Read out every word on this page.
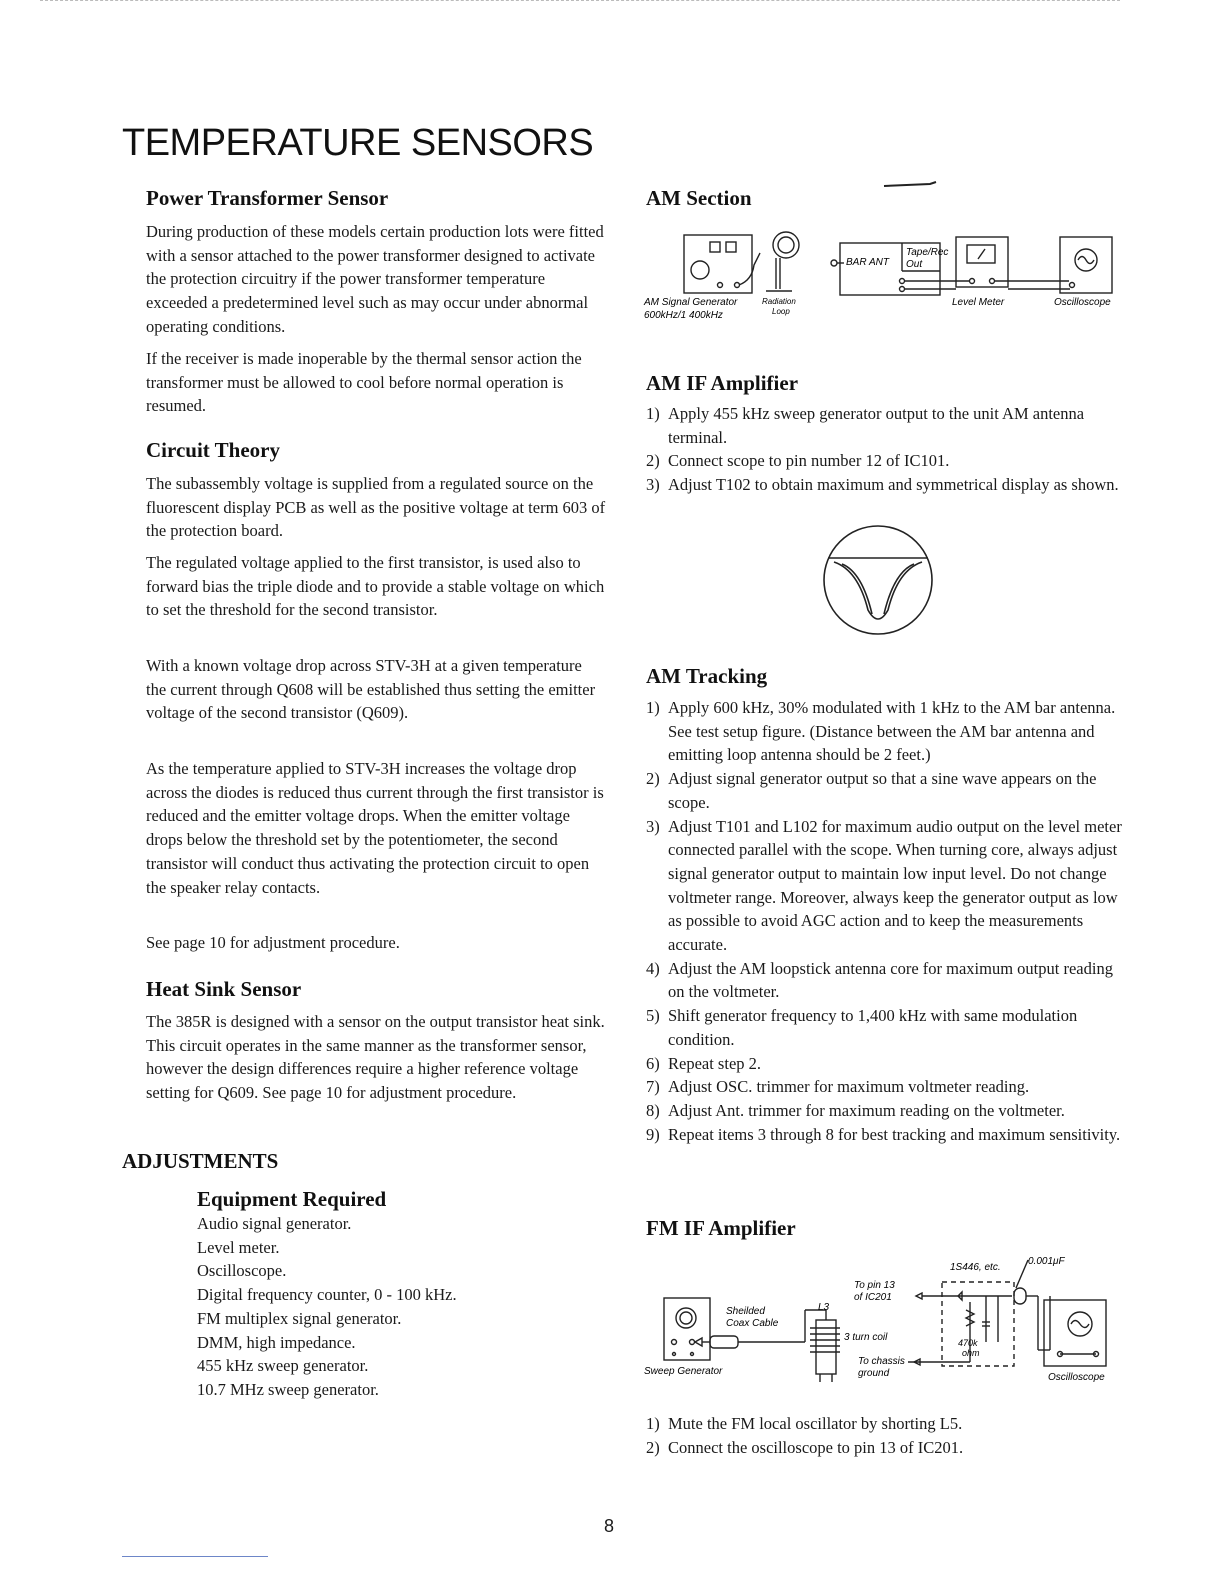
TEMPERATURE SENSORS
Power Transformer Sensor

During production of these models certain production lots were fitted with a sensor attached to the power transformer designed to activate the protection circuitry if the power transformer temperature exceeded a predetermined level such as may occur under abnormal operating conditions.

If the receiver is made inoperable by the thermal sensor action the transformer must be allowed to cool before normal operation is resumed.

Circuit Theory

The subassembly voltage is supplied from a regulated source on the fluorescent display PCB as well as the positive voltage at term 603 of the protection board.

The regulated voltage applied to the first transistor, is used also to forward bias the triple diode and to provide a stable voltage on which to set the threshold for the second transistor.

With a known voltage drop across STV-3H at a given temperature the current through Q608 will be established thus setting the emitter voltage of the second transistor (Q609).

As the temperature applied to STV-3H increases the voltage drop across the diodes is reduced thus current through the first transistor is reduced and the emitter voltage drops. When the emitter voltage drops below the threshold set by the potentiometer, the second transistor will conduct thus activating the protection circuit to open the speaker relay contacts.

See page 10 for adjustment procedure.

Heat Sink Sensor

The 385R is designed with a sensor on the output transistor heat sink. This circuit operates in the same manner as the transformer sensor, however the design differences require a higher reference voltage setting for Q609. See page 10 for adjustment procedure.

ADJUSTMENTS
Equipment Required
Audio signal generator.
Level meter.
Oscilloscope.
Digital frequency counter, 0 - 100 kHz.
FM multiplex signal generator.
DMM, high impedance.
455 kHz sweep generator.
10.7 MHz sweep generator.
AM Section
BAR ANT
Tape/Rec
Out
AM Signal Generator
600kHz/1 400kHz
Radiation
Loop
Level Meter	Oscilloscope
AM IF Amplifier
1) Apply 455 kHz sweep generator output to the unit AM antenna terminal.
2) Connect scope to pin number 12 of IC101.
3) Adjust T102 to obtain maximum and symmetrical display as shown.
AM Tracking
1) Apply 600 kHz, 30% modulated with 1 kHz to the AM bar antenna. See test setup figure. (Distance between the AM bar antenna and emitting loop antenna should be 2 feet.)
2) Adjust signal generator output so that a sine wave appears on the scope.
3) Adjust T101 and L102 for maximum audio output on the level meter connected parallel with the scope. When turning core, always adjust signal generator output to maintain low input level. Do not change voltmeter range. Moreover, always keep the generator output as low as possible to avoid AGC action and to keep the measurements accurate.
4) Adjust the AM loopstick antenna core for maximum output reading on the voltmeter.
5) Shift generator frequency to 1,400 kHz with same modulation condition.
6) Repeat step 2.
7) Adjust OSC. trimmer for maximum voltmeter reading.
8) Adjust Ant. trimmer for maximum reading on the voltmeter.
9) Repeat items 3 through 8 for best tracking and maximum sensitivity.
FM IF Amplifier
1S446, etc.
0.001μF
To pin 13
of IC201
Sheilded
Coax Cable
L3
3 turn coil
To chassis
ground
470k
ohm
Sweep Generator
Oscilloscope
1) Mute the FM local oscillator by shorting L5.
2) Connect the oscilloscope to pin 13 of IC201.
8
